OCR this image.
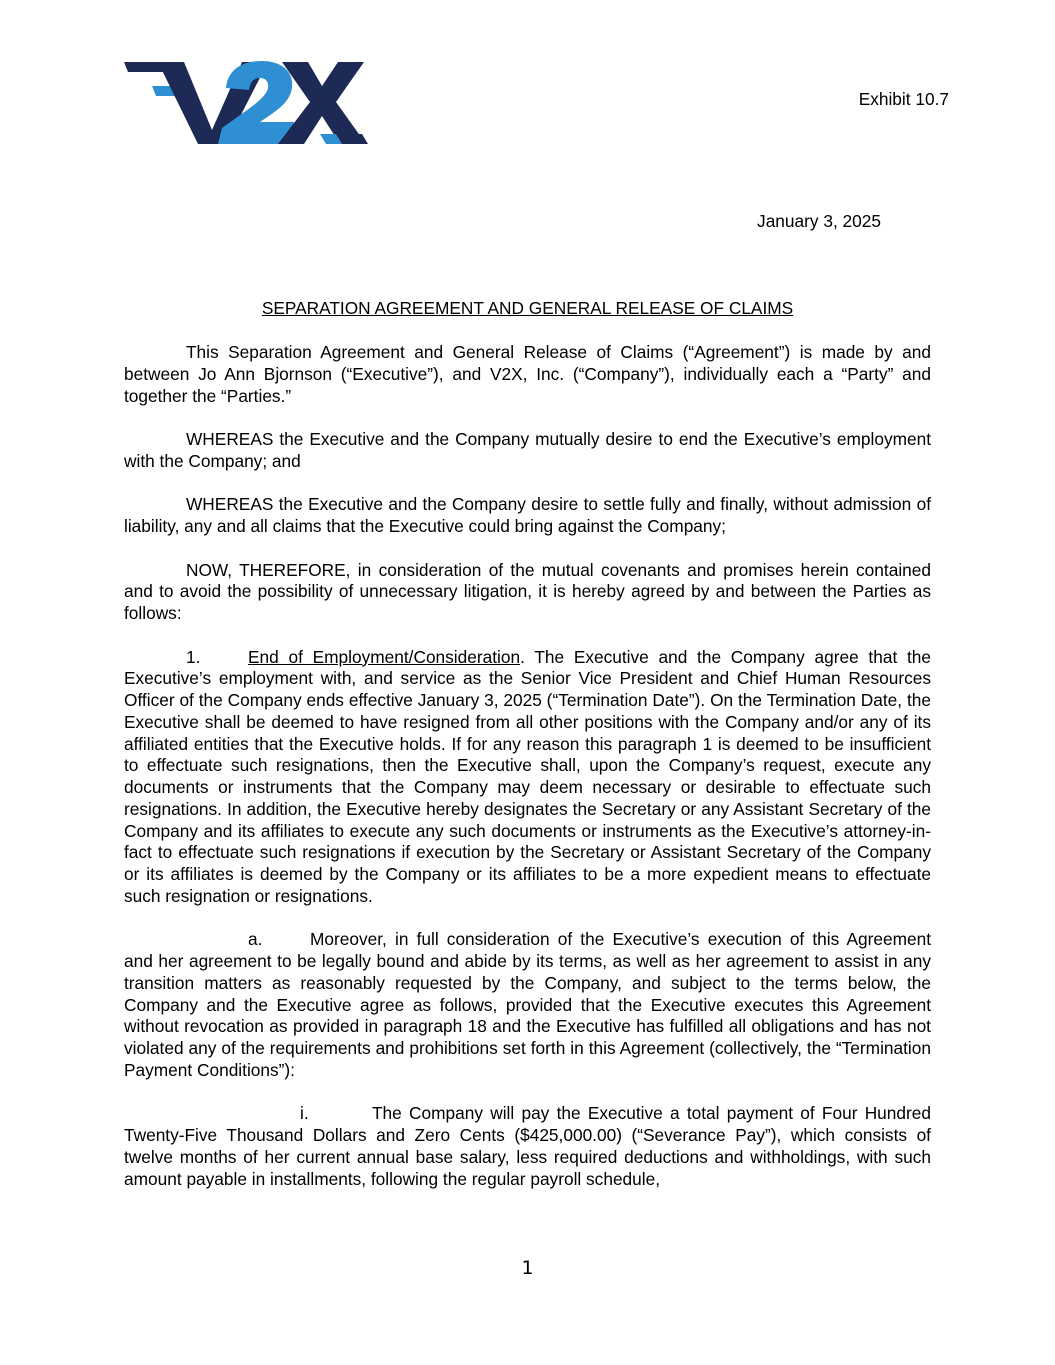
Exhibit 10.7
January 3, 2025
SEPARATION AGREEMENT AND GENERAL RELEASE OF CLAIMS

This Separation Agreement and General Release of Claims (“Agreement”) is made by and between Jo Ann Bjornson (“Executive”), and V2X, Inc. (“Company”), individually each a “Party” and together the “Parties.”

WHEREAS the Executive and the Company mutually desire to end the Executive’s employment with the Company; and

WHEREAS the Executive and the Company desire to settle fully and finally, without admission of liability, any and all claims that the Executive could bring against the Company;

NOW, THEREFORE, in consideration of the mutual covenants and promises herein contained and to avoid the possibility of unnecessary litigation, it is hereby agreed by and between the Parties as follows:

1.	End of Employment/Consideration. The Executive and the Company agree that the Executive’s employment with, and service as the Senior Vice President and Chief Human Resources Officer of the Company ends effective January 3, 2025 (“Termination Date”). On the Termination Date, the Executive shall be deemed to have resigned from all other positions with the Company and/or any of its affiliated entities that the Executive holds. If for any reason this paragraph 1 is deemed to be insufficient to effectuate such resignations, then the Executive shall, upon the Company’s request, execute any documents or instruments that the Company may deem necessary or desirable to effectuate such resignations. In addition, the Executive hereby designates the Secretary or any Assistant Secretary of the Company and its affiliates to execute any such documents or instruments as the Executive’s attorney-in-fact to effectuate such resignations if execution by the Secretary or Assistant Secretary of the Company or its affiliates is deemed by the Company or its affiliates to be a more expedient means to effectuate such resignation or resignations.

a.	Moreover, in full consideration of the Executive’s execution of this Agreement and her agreement to be legally bound and abide by its terms, as well as her agreement to assist in any transition matters as reasonably requested by the Company, and subject to the terms below, the Company and the Executive agree as follows, provided that the Executive executes this Agreement without revocation as provided in paragraph 18 and the Executive has fulfilled all obligations and has not violated any of the requirements and prohibitions set forth in this Agreement (collectively, the “Termination Payment Conditions”):

i.	The Company will pay the Executive a total payment of Four Hundred Twenty-Five Thousand Dollars and Zero Cents ($425,000.00) (“Severance Pay”), which consists of twelve months of her current annual base salary, less required deductions and withholdings, with such amount payable in installments, following the regular payroll schedule,

1
